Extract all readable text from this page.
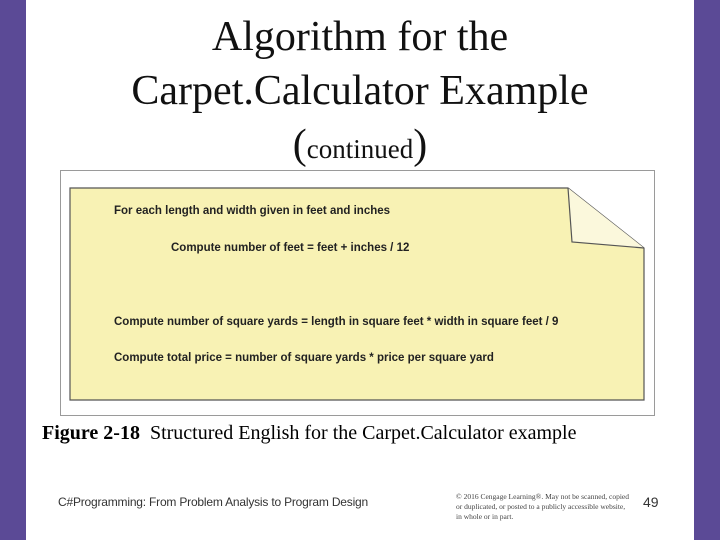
Algorithm for the
Carpet.Calculator Example
(continued)
For each length and width given in feet and inches
Compute number of feet = feet + inches / 12
Compute number of square yards = length in square feet * width in square feet / 9
Compute total price = number of square yards * price per square yard
Figure 2-18 Structured English for the Carpet.Calculator example
C#Programming: From Problem Analysis to Program Design	© 2016 Cengage Learning®. May not be scanned, copied or duplicated, or posted to a publicly accessible website, in whole or in part.
49
